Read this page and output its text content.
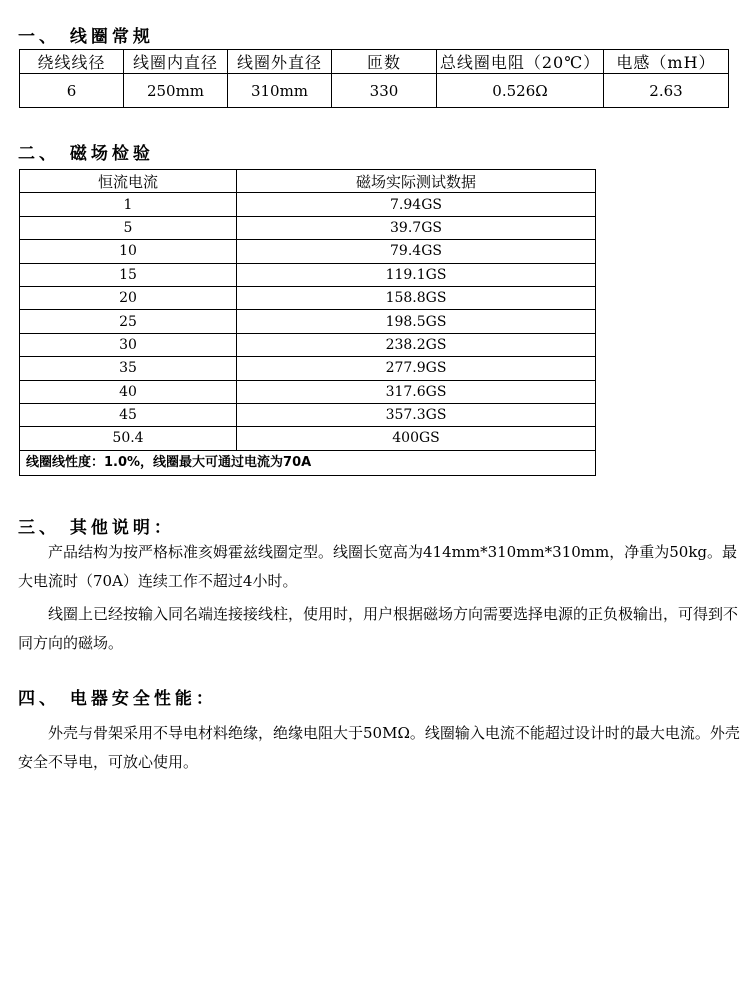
一、 线圈常规
绕线线径	线圈内直径	线圈外直径	匝数	总线圈电阻（20℃）	电感（mH）
6	250mm	310mm	330	0.526Ω	2.63
二、 磁场检验
恒流电流	磁场实际测试数据
1	7.94GS
5	39.7GS
10	79.4GS
15	119.1GS
20	158.8GS
25	198.5GS
30	238.2GS
35	277.9GS
40	317.6GS
45	357.3GS
50.4	400GS
线圈线性度：1.0%，线圈最大可通过电流为70A	
三、 其他说明：

产品结构为按严格标准亥姆霍兹线圈定型。线圈长宽高为414mm*310mm*310mm，净重为50kg。最大电流时（70A）连续工作不超过4小时。

线圈上已经按输入同名端连接接线柱，使用时，用户根据磁场方向需要选择电源的正负极输出，可得到不同方向的磁场。

四、 电器安全性能：

外壳与骨架采用不导电材料绝缘，绝缘电阻大于50MΩ。线圈输入电流不能超过设计时的最大电流。外壳安全不导电，可放心使用。
